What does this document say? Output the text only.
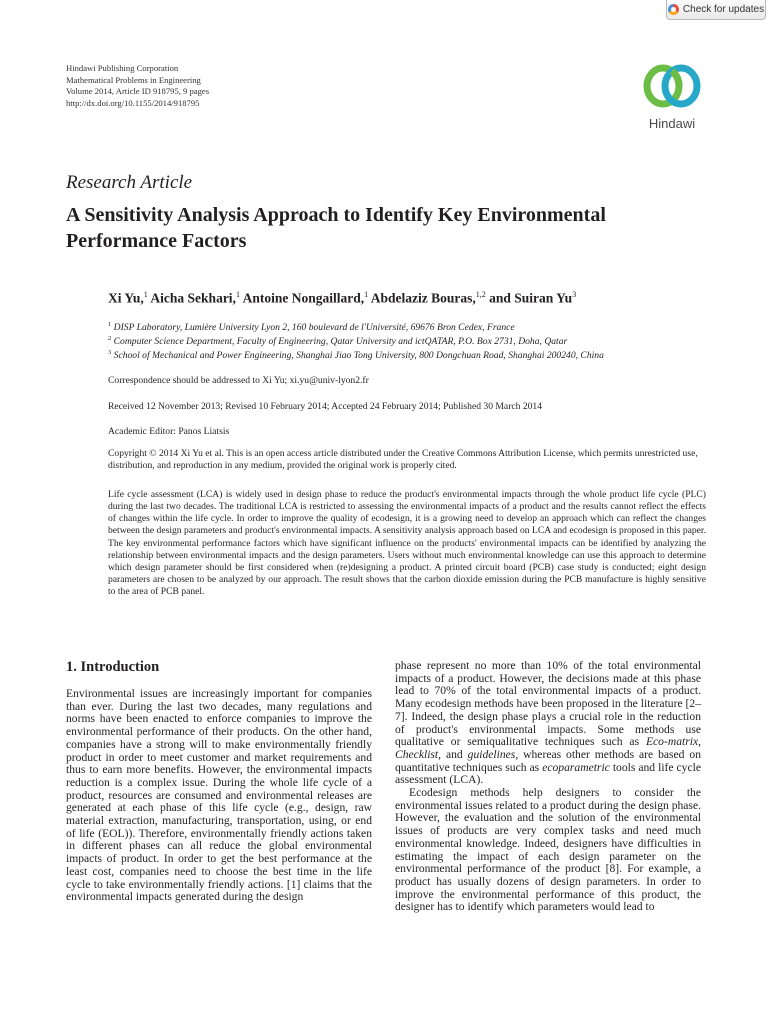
Check for updates
Hindawi Publishing Corporation
Mathematical Problems in Engineering
Volume 2014, Article ID 918795, 9 pages
http://dx.doi.org/10.1155/2014/918795
Hindawi
Research Article
A Sensitivity Analysis Approach to Identify Key Environmental Performance Factors
Xi Yu,$^1$ Aicha Sekhari,$^1$ Antoine Nongaillard,$^1$ Abdelaziz Bouras,$^{1,2}$ and Suiran Yu$^3$
$^1$ DISP Laboratory, Lumière University Lyon 2, 160 boulevard de l'Université, 69676 Bron Cedex, France
$^2$ Computer Science Department, Faculty of Engineering, Qatar University and ictQATAR, P.O. Box 2731, Doha, Qatar
$^3$ School of Mechanical and Power Engineering, Shanghai Jiao Tong University, 800 Dongchuan Road, Shanghai 200240, China
Correspondence should be addressed to Xi Yu; xi.yu@univ-lyon2.fr
Received 12 November 2013; Revised 10 February 2014; Accepted 24 February 2014; Published 30 March 2014
Academic Editor: Panos Liatsis
Copyright © 2014 Xi Yu et al. This is an open access article distributed under the Creative Commons Attribution License, which permits unrestricted use, distribution, and reproduction in any medium, provided the original work is properly cited.
Life cycle assessment (LCA) is widely used in design phase to reduce the product's environmental impacts through the whole product life cycle (PLC) during the last two decades. The traditional LCA is restricted to assessing the environmental impacts of a product and the results cannot reflect the effects of changes within the life cycle. In order to improve the quality of ecodesign, it is a growing need to develop an approach which can reflect the changes between the design parameters and product's environmental impacts. A sensitivity analysis approach based on LCA and ecodesign is proposed in this paper. The key environmental performance factors which have significant influence on the products' environmental impacts can be identified by analyzing the relationship between environmental impacts and the design parameters. Users without much environmental knowledge can use this approach to determine which design parameter should be first considered when (re)designing a product. A printed circuit board (PCB) case study is conducted; eight design parameters are chosen to be analyzed by our approach. The result shows that the carbon dioxide emission during the PCB manufacture is highly sensitive to the area of PCB panel.
1. Introduction

Environmental issues are increasingly important for companies than ever. During the last two decades, many regulations and norms have been enacted to enforce companies to improve the environmental performance of their products. On the other hand, companies have a strong will to make environmentally friendly product in order to meet customer and market requirements and thus to earn more benefits. However, the environmental impacts reduction is a complex issue. During the whole life cycle of a product, resources are consumed and environmental releases are generated at each phase of this life cycle (e.g., design, raw material extraction, manufacturing, transportation, using, or end of life (EOL)). Therefore, environmentally friendly actions taken in different phases can all reduce the global environmental impacts of product. In order to get the best performance at the least cost, companies need to choose the best time in the life cycle to take environmentally friendly actions. [1] claims that the environmental impacts generated during the design

phase represent no more than 10% of the total environmental impacts of a product. However, the decisions made at this phase lead to 70% of the total environmental impacts of a product. Many ecodesign methods have been proposed in the literature [2–7]. Indeed, the design phase plays a crucial role in the reduction of product's environmental impacts. Some methods use qualitative or semiqualitative techniques such as Eco-matrix, Checklist, and guidelines, whereas other methods are based on quantitative techniques such as ecoparametric tools and life cycle assessment (LCA).

Ecodesign methods help designers to consider the environmental issues related to a product during the design phase. However, the evaluation and the solution of the environmental issues of products are very complex tasks and need much environmental knowledge. Indeed, designers have difficulties in estimating the impact of each design parameter on the environmental performance of the product [8]. For example, a product has usually dozens of design parameters. In order to improve the environmental performance of this product, the designer has to identify which parameters would lead to
